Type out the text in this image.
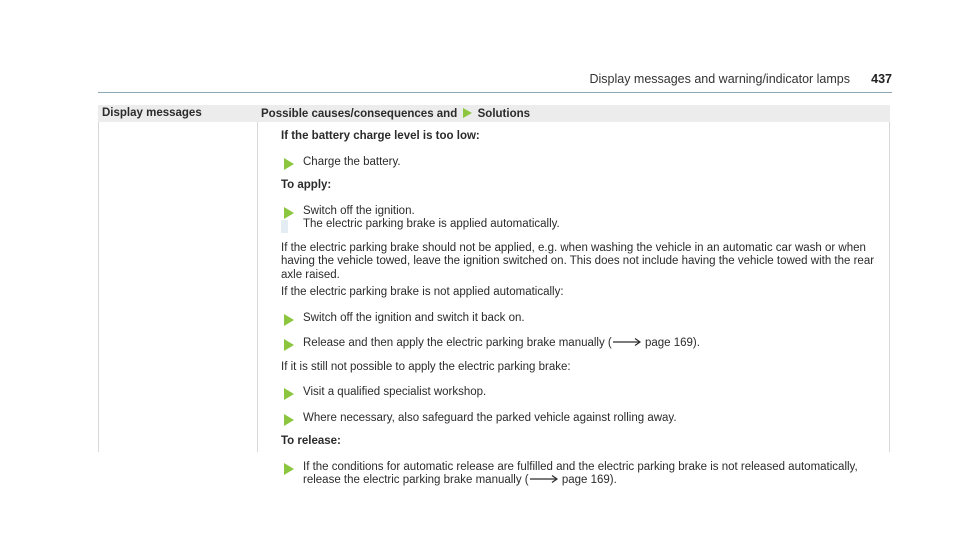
Display messages and warning/indicator lamps 437
Display messages	Possible causes/consequences and Solutions

If the battery charge level is too low:

Charge the battery.

To apply:

Switch off the ignition.

The electric parking brake is applied automatically.

If the electric parking brake should not be applied, e.g. when washing the vehicle in an automatic car wash or when having the vehicle towed, leave the ignition switched on. This does not include having the vehicle towed with the rear axle raised.

If the electric parking brake is not applied automatically:

Switch off the ignition and switch it back on.
Release and then apply the electric parking brake manually (	page 169).

If it is still not possible to apply the electric parking brake:

Visit a qualified specialist workshop.
Where necessary, also safeguard the parked vehicle against rolling away.

To release:

If the conditions for automatic release are fulfilled and the electric parking brake is not released automatically, release the electric parking brake manually (	page 169).
